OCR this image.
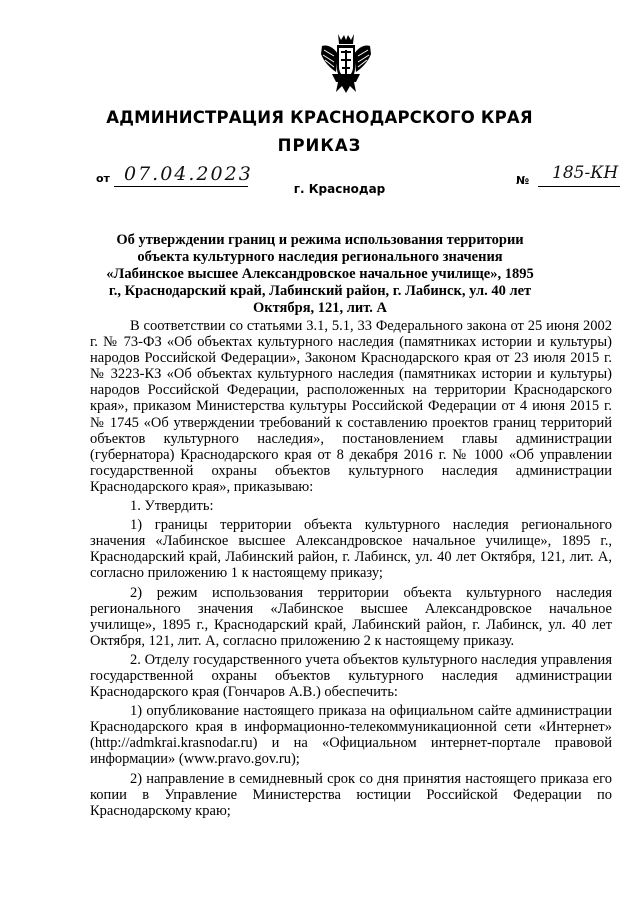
АДМИНИСТРАЦИЯ КРАСНОДАРСКОГО КРАЯ
ПРИКАЗ
от 07.04.2023
г. Краснодар
№ 185-КН
Об утверждении границ и режима использования территории объекта культурного наследия регионального значения «Лабинское высшее Александровское начальное училище», 1895 г., Краснодарский край, Лабинский район, г. Лабинск, ул. 40 лет Октября, 121, лит. А

В соответствии со статьями 3.1, 5.1, 33 Федерального закона от 25 июня 2002 г. № 73-ФЗ «Об объектах культурного наследия (памятниках истории и культуры) народов Российской Федерации», Законом Краснодарского края от 23 июля 2015 г. № 3223-КЗ «Об объектах культурного наследия (памятниках истории и культуры) народов Российской Федерации, расположенных на территории Краснодарского края», приказом Министерства культуры Российской Федерации от 4 июня 2015 г. № 1745 «Об утверждении требований к составлению проектов границ территорий объектов культурного наследия», постановлением главы администрации (губернатора) Краснодарского края от 8 декабря 2016 г. № 1000 «Об управлении государственной охраны объектов культурного наследия администрации Краснодарского края», приказываю:

1. Утвердить:

1) границы территории объекта культурного наследия регионального значения «Лабинское высшее Александровское начальное училище», 1895 г., Краснодарский край, Лабинский район, г. Лабинск, ул. 40 лет Октября, 121, лит. А, согласно приложению 1 к настоящему приказу;

2) режим использования территории объекта культурного наследия регионального значения «Лабинское высшее Александровское начальное училище», 1895 г., Краснодарский край, Лабинский район, г. Лабинск, ул. 40 лет Октября, 121, лит. А, согласно приложению 2 к настоящему приказу.

2. Отделу государственного учета объектов культурного наследия управления государственной охраны объектов культурного наследия администрации Краснодарского края (Гончаров А.В.) обеспечить:

1) опубликование настоящего приказа на официальном сайте администрации Краснодарского края в информационно-телекоммуникационной сети «Интернет» (http://admkrai.krasnodar.ru) и на «Официальном интернет-портале правовой информации» (www.pravo.gov.ru);

2) направление в семидневный срок со дня принятия настоящего приказа его копии в Управление Министерства юстиции Российской Федерации по Краснодарскому краю;
